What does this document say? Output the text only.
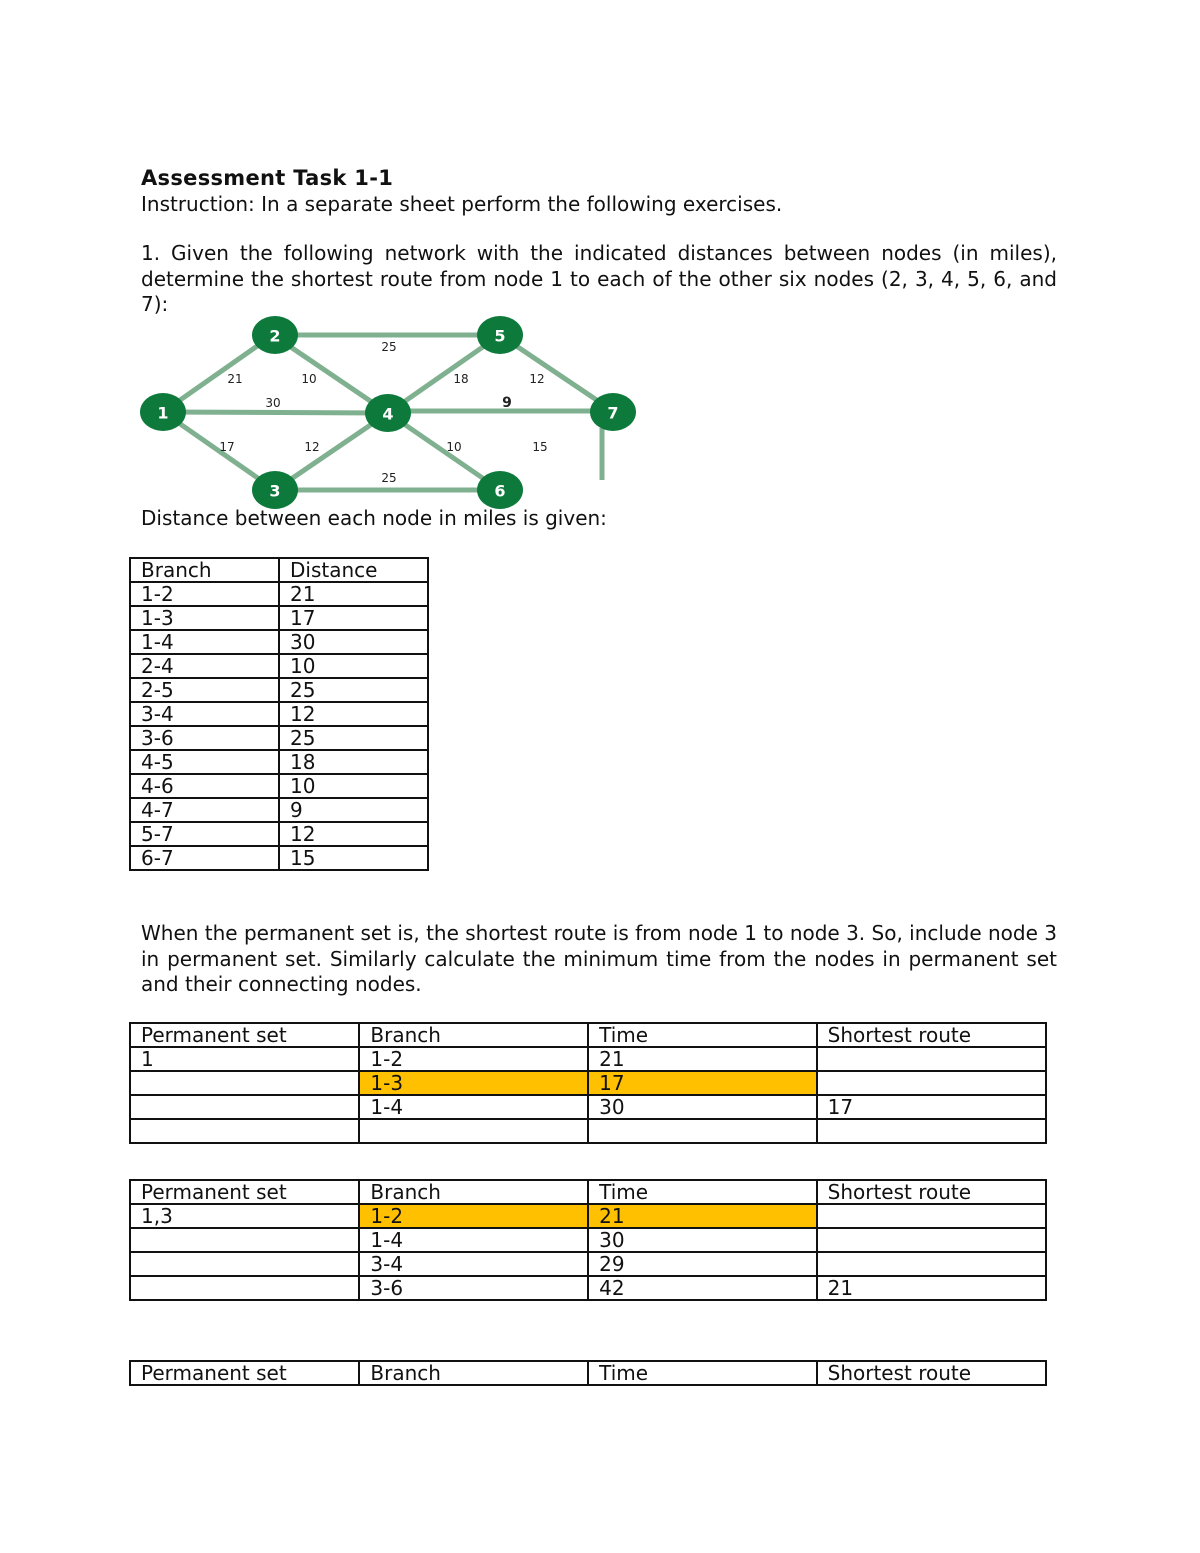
Assessment Task 1-1
Instruction: In a separate sheet perform the following exercises.

1. Given the following network with the indicated distances between nodes (in miles), determine the shortest route from node 1 to each of the other six nodes (2, 3, 4, 5, 6, and 7):

21
17
30
10
25
12
25
18
10
9
12
15
1
2
3
4
5
6
7
Distance between each node in miles is given:
Branch	Distance
1-2	21
1-3	17
1-4	30
2-4	10
2-5	25
3-4	12
3-6	25
4-5	18
4-6	10
4-7	9
5-7	12
6-7	15

When the permanent set is, the shortest route is from node 1 to node 3. So, include node 3 in permanent set. Similarly calculate the minimum time from the nodes in permanent set and their connecting nodes.

Permanent set	Branch	Time	Shortest route
1	1-2	21	
	1-3	17	
	1-4	30	17

Permanent set	Branch	Time	Shortest route
1,3	1-2	21	
	1-4	30	
	3-4	29	
	3-6	42	21
Permanent set	Branch	Time	Shortest route
